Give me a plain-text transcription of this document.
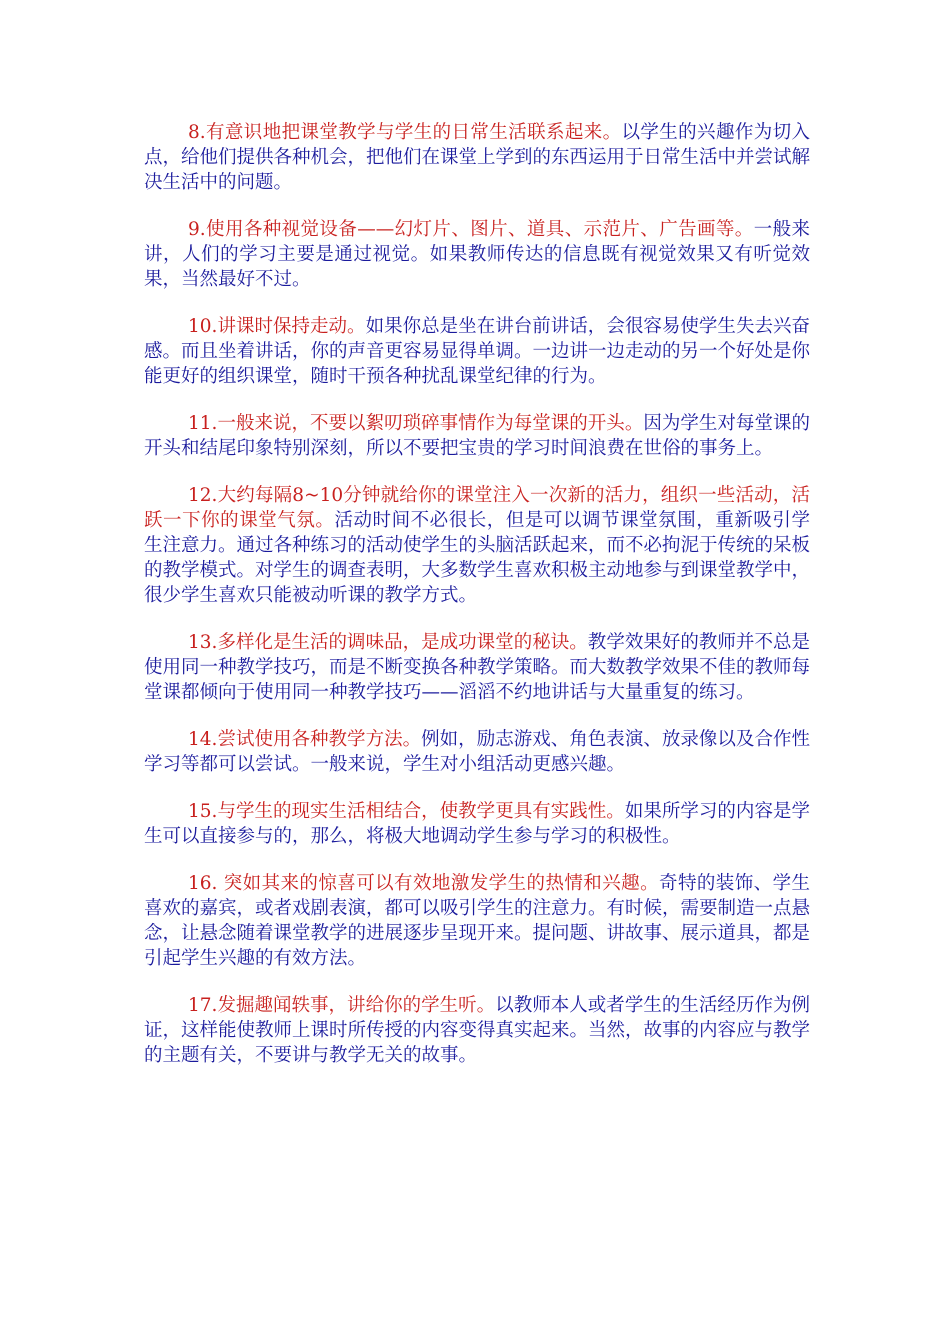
8.有意识地把课堂教学与学生的日常生活联系起来。以学生的兴趣作为切入点，给他们提供各种机会，把他们在课堂上学到的东西运用于日常生活中并尝试解决生活中的问题。

9.使用各种视觉设备——幻灯片、图片、道具、示范片、广告画等。一般来讲，人们的学习主要是通过视觉。如果教师传达的信息既有视觉效果又有听觉效果，当然最好不过。

10.讲课时保持走动。如果你总是坐在讲台前讲话，会很容易使学生失去兴奋感。而且坐着讲话，你的声音更容易显得单调。一边讲一边走动的另一个好处是你能更好的组织课堂，随时干预各种扰乱课堂纪律的行为。

11.一般来说，不要以絮叨琐碎事情作为每堂课的开头。因为学生对每堂课的开头和结尾印象特别深刻，所以不要把宝贵的学习时间浪费在世俗的事务上。

12.大约每隔8~10分钟就给你的课堂注入一次新的活力，组织一些活动，活跃一下你的课堂气氛。活动时间不必很长，但是可以调节课堂氛围，重新吸引学生注意力。通过各种练习的活动使学生的头脑活跃起来，而不必拘泥于传统的呆板的教学模式。对学生的调查表明，大多数学生喜欢积极主动地参与到课堂教学中，很少学生喜欢只能被动听课的教学方式。

13.多样化是生活的调味品，是成功课堂的秘诀。教学效果好的教师并不总是使用同一种教学技巧，而是不断变换各种教学策略。而大数教学效果不佳的教师每堂课都倾向于使用同一种教学技巧——滔滔不约地讲话与大量重复的练习。

14.尝试使用各种教学方法。例如，励志游戏、角色表演、放录像以及合作性学习等都可以尝试。一般来说，学生对小组活动更感兴趣。

15.与学生的现实生活相结合，使教学更具有实践性。如果所学习的内容是学生可以直接参与的，那么，将极大地调动学生参与学习的积极性。

16. 突如其来的惊喜可以有效地激发学生的热情和兴趣。奇特的装饰、学生喜欢的嘉宾，或者戏剧表演，都可以吸引学生的注意力。有时候，需要制造一点悬念，让悬念随着课堂教学的进展逐步呈现开来。提问题、讲故事、展示道具，都是引起学生兴趣的有效方法。

17.发掘趣闻轶事，讲给你的学生听。以教师本人或者学生的生活经历作为例证，这样能使教师上课时所传授的内容变得真实起来。当然，故事的内容应与教学的主题有关，不要讲与教学无关的故事。
